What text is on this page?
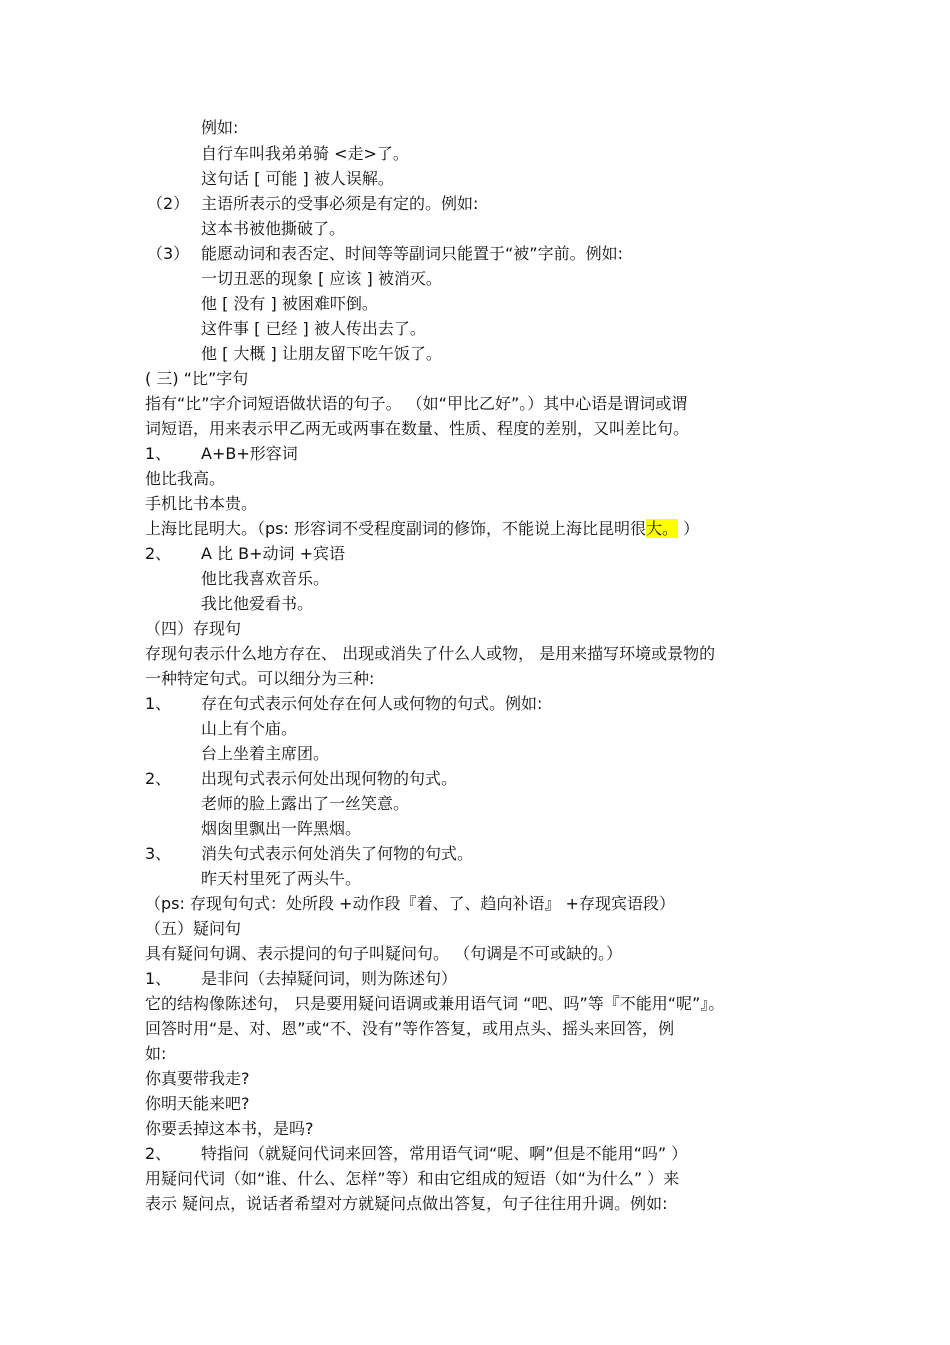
例如:
自行车叫我弟弟骑 <走>了。
这句话 [ 可能 ] 被人误解。
（2） 主语所表示的受事必须是有定的。例如:
这本书被他撕破了。
（3） 能愿动词和表否定、时间等等副词只能置于“被”字前。例如:
一切丑恶的现象 [ 应该 ] 被消灭。
他 [ 没有 ] 被困难吓倒。
这件事 [ 已经 ] 被人传出去了。
他 [ 大概 ] 让朋友留下吃午饭了。
( 三) “比”字句
指有“比”字介词短语做状语的句子。 （如“甲比乙好”。）其中心语是谓词或谓
词短语，用来表示甲乙两无或两事在数量、性质、程度的差别，又叫差比句。
1、 A+B+形容词
他比我高。
手机比书本贵。
上海比昆明大。（ps: 形容词不受程度副词的修饰，不能说上海比昆明很大。 ）
2、 A 比 B+动词 +宾语
他比我喜欢音乐。
我比他爱看书。
（四）存现句
存现句表示什么地方存在、 出现或消失了什么人或物， 是用来描写环境或景物的
一种特定句式。可以细分为三种:
1、 存在句式表示何处存在何人或何物的句式。例如:
山上有个庙。
台上坐着主席团。
2、 出现句式表示何处出现何物的句式。
老师的脸上露出了一丝笑意。
烟囱里飘出一阵黑烟。
3、 消失句式表示何处消失了何物的句式。
昨天村里死了两头牛。
（ps: 存现句句式：处所段 +动作段『着、了、趋向补语』 +存现宾语段）
（五）疑问句
具有疑问句调、表示提问的句子叫疑问句。 （句调是不可或缺的。）
1、 是非问（去掉疑问词，则为陈述句）
它的结构像陈述句， 只是要用疑问语调或兼用语气词 “吧、吗”等『不能用“呢”』。
回答时用“是、对、恩”或“不、没有”等作答复，或用点头、摇头来回答，例
如:
你真要带我走?
你明天能来吧?
你要丢掉这本书，是吗?
2、 特指问（就疑问代词来回答，常用语气词“呢、啊”但是不能用“吗” ）
用疑问代词（如“谁、什么、怎样”等）和由它组成的短语（如“为什么” ）来
表示 疑问点，说话者希望对方就疑问点做出答复，句子往往用升调。例如:
